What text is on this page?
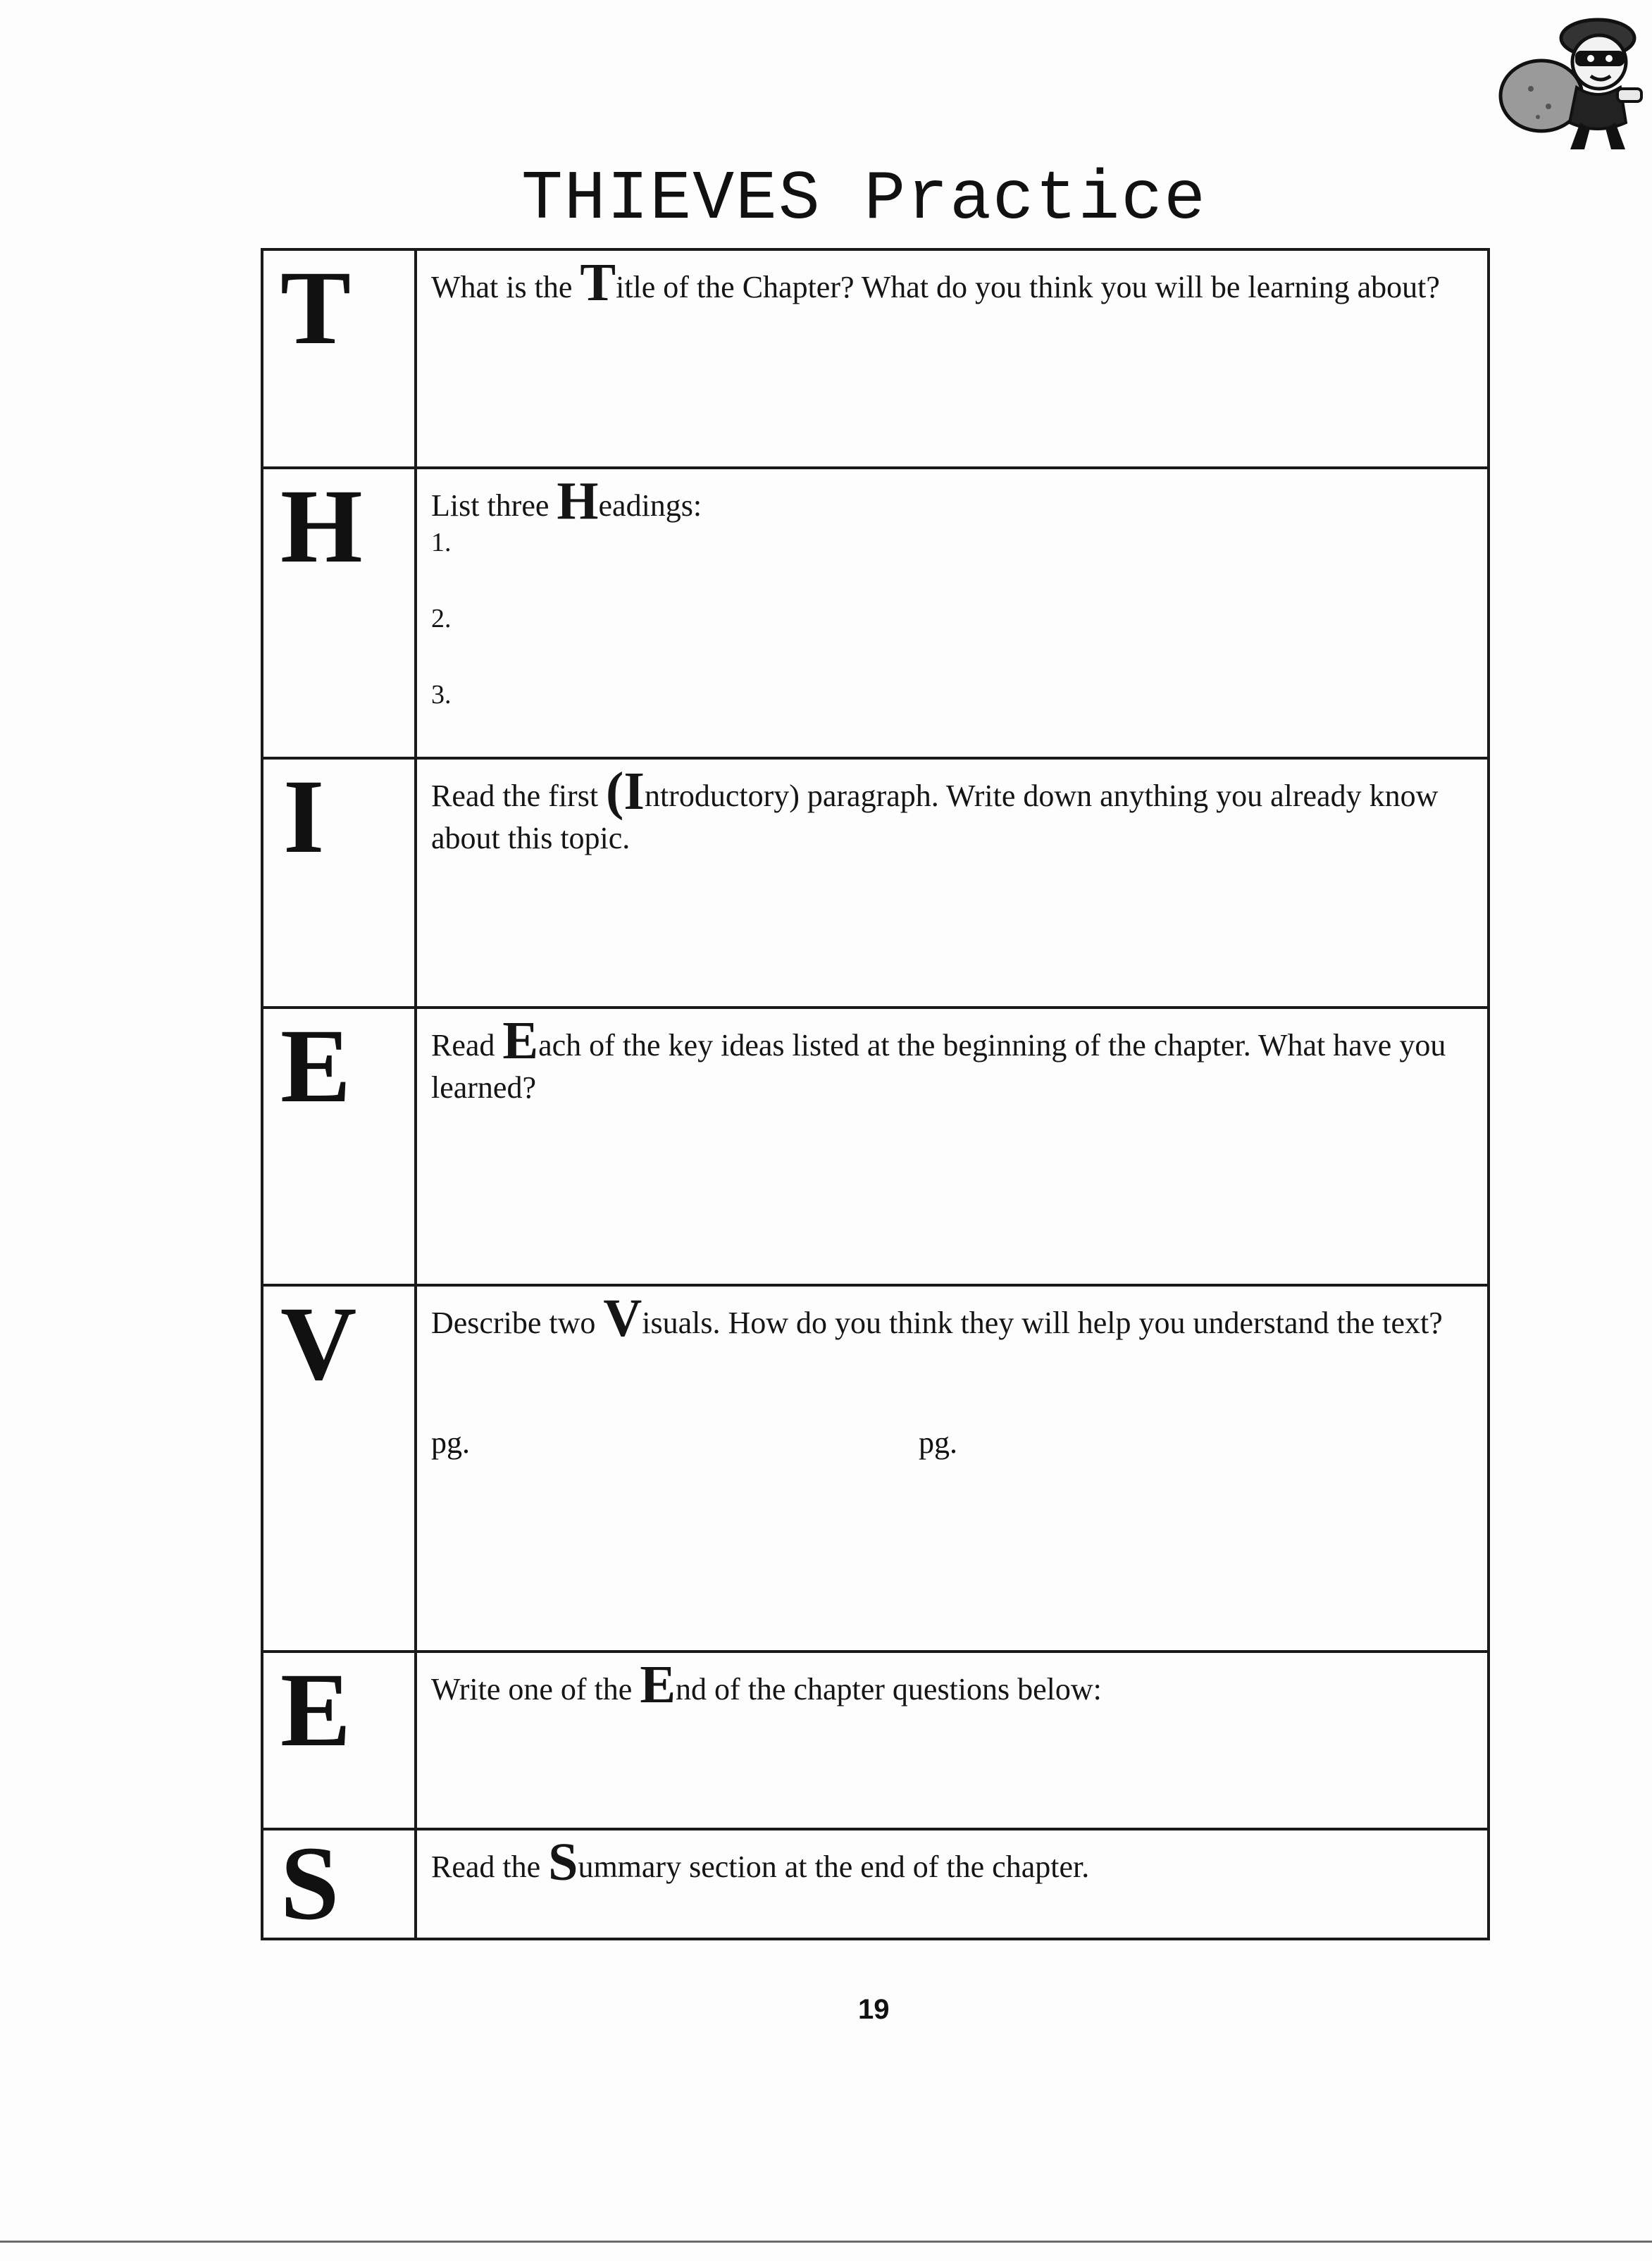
THIEVES Practice
T	What is the Title of the Chapter? What do you think you will be learning about?
H List three Headings:
1.
2.
3.
I	Read the first (Introductory) paragraph. Write down anything you already know about this topic.
E	Read Each of the key ideas listed at the beginning of the chapter. What have you learned?
V Describe two Visuals. How do you think they will help you understand the text?
pg.	pg.
E	Write one of the End of the chapter questions below:
S	Read the Summary section at the end of the chapter.
19
